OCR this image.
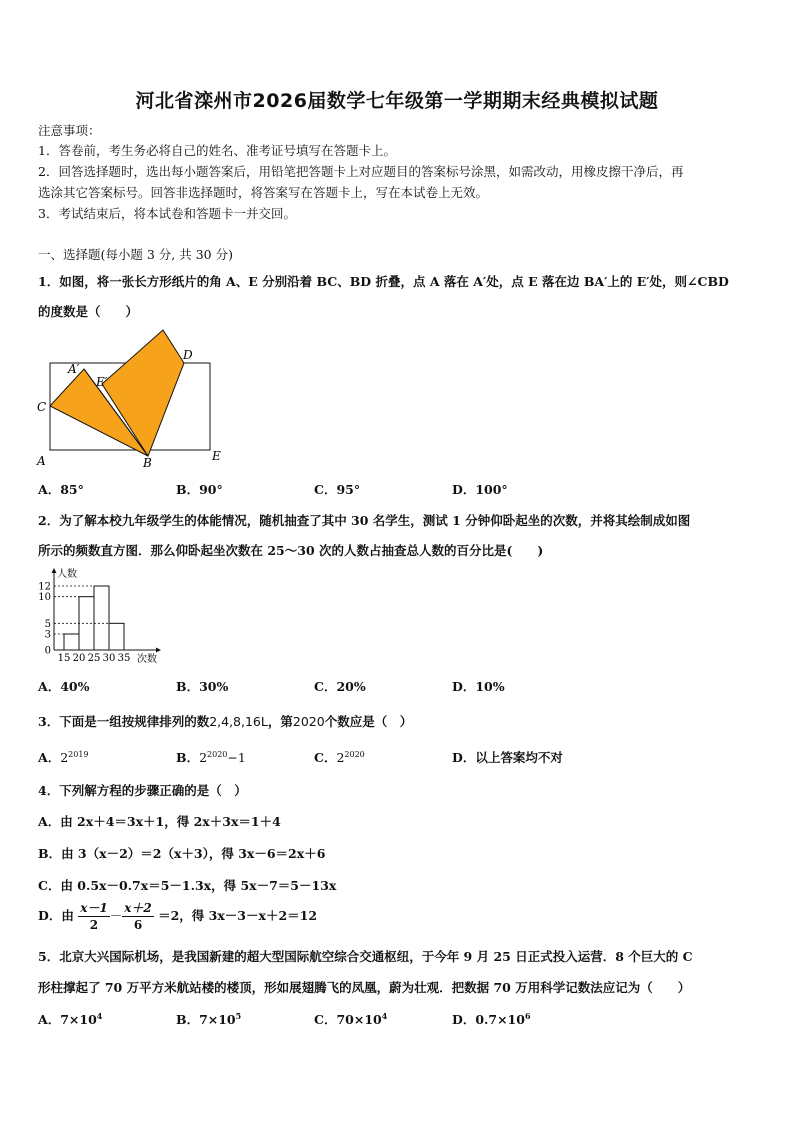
河北省滦州市2026届数学七年级第一学期期末经典模拟试题
注意事项：
1．答卷前，考生务必将自己的姓名、准考证号填写在答题卡上。
2．回答选择题时，选出每小题答案后，用铅笔把答题卡上对应题目的答案标号涂黑，如需改动，用橡皮擦干净后，再
选涂其它答案标号。回答非选择题时，将答案写在答题卡上，写在本试卷上无效。
3．考试结束后，将本试卷和答题卡一并交回。
一、选择题(每小题 3 分, 共 30 分)
1．如图，将一张长方形纸片的角 A、E 分别沿着 BC、BD 折叠，点 A 落在 A′处，点 E 落在边 BA′上的 E′处，则∠CBD
的度数是（　　）
A′
E′
C
A	B	E
D
A．85°	B．90°	C．95°	D．100°
2．为了解本校九年级学生的体能情况，随机抽查了其中 30 名学生，测试 1 分钟仰卧起坐的次数，并将其绘制成如图
所示的频数直方图．那么仰卧起坐次数在 25～30 次的人数占抽查总人数的百分比是(　　)
0
3
5
10
12
15 20 25 30 35
人数
次数
A．40%	B．30%	C．20%	D．10%
3．下面是一组按规律排列的数2,4,8,16L，第2020个数应是（　）
A．$2^{2019}$	B．$2^{2020}-1$	C．$2^{2020}$	D．以上答案均不对
4．下列解方程的步骤正确的是（　）
A．由 2x＋4＝3x＋1，得 2x＋3x＝1＋4
B．由 3（x－2）＝2（x＋3），得 3x－6＝2x＋6
C．由 0.5x－0.7x＝5－1.3x，得 5x－7＝5－13x
D．由 $\frac{x-1}{2} - \frac{x+2}{6} =2$，得 3x－3－x＋2＝12
5．北京大兴国际机场，是我国新建的超大型国际航空综合交通枢纽，于今年 9 月 25 日正式投入运营．8 个巨大的 C
形柱撑起了 70 万平方米航站楼的楼顶，形如展翅腾飞的凤凰，蔚为壮观．把数据 70 万用科学记数法应记为（　　）
A．$7\times 10^4$	B．$7\times 10^5$	C．$70\times 10^4$	D．$0.7\times 10^6$
